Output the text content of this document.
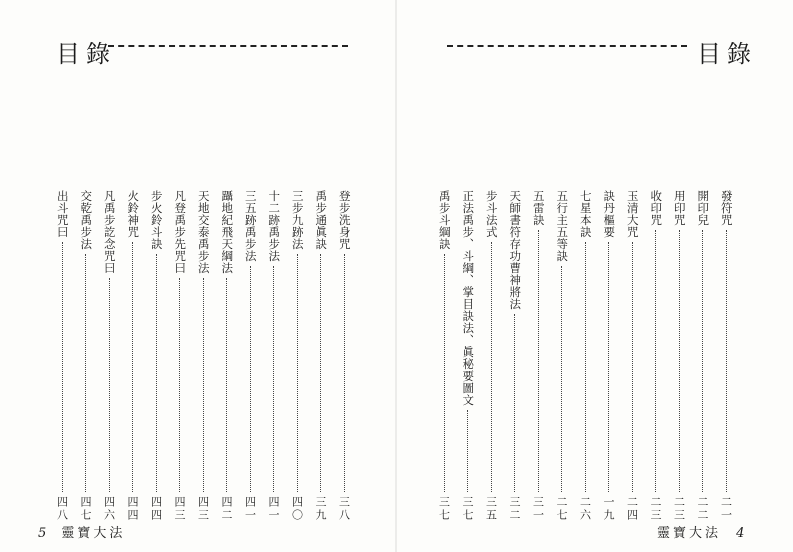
目錄
登步洗身咒
三八
禹步通眞訣
三九
三步九跡法
四〇
十二跡禹步法
四一
三五跡禹步法
四一
躡地紀飛天綱法
四二
天地交泰禹步法
四三
凡登禹步先咒曰
四三
步火鈴斗訣
四四
火鈴神咒
四四
凡禹步訖念咒曰
四六
交乾禹步法
四七
出斗咒曰
四八
5 靈寶大法
目錄
發符咒
二一
開印兒
二二
用印咒
二三
收印咒
二三
玉清大咒
二四
訣丹樞要
一九
七星本訣
二六
五行主五等訣
二七
五雷訣
三一
天師書符存功曹神將法
三二
步斗法式
三五
正法禹步、斗綱、掌目訣法、眞秘要圖文
三七
禹步斗綱訣
三七
靈寶大法 4
